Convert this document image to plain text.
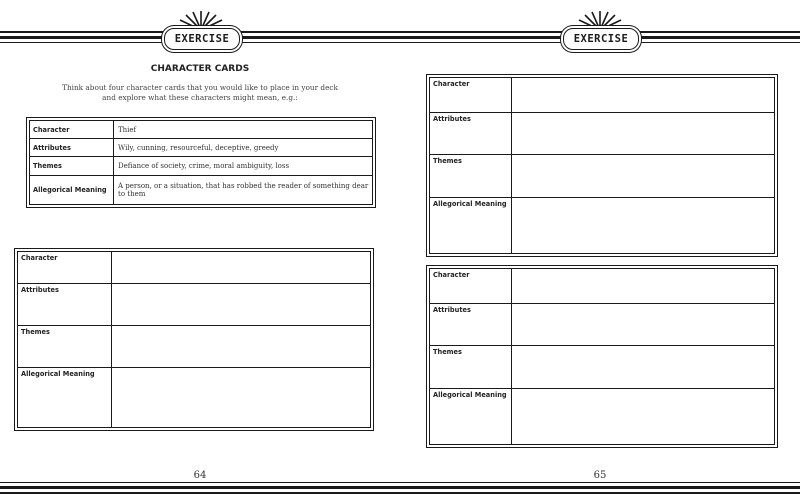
EXERCISE
CHARACTER CARDS
Think about four character cards that you would like to place in your deck and explore what these characters might mean, e.g.:
Character	Thief
Attributes	Wily, cunning, resourceful, deceptive, greedy
Themes	Defiance of society, crime, moral ambiguity, loss
Allegorical Meaning	A person, or a situation, that has robbed the reader of something dear to them
Character	
Attributes	
Themes	
Allegorical Meaning	
64
EXERCISE
Character	
Attributes	
Themes	
Allegorical Meaning	
Character	
Attributes	
Themes	
Allegorical Meaning	
65
